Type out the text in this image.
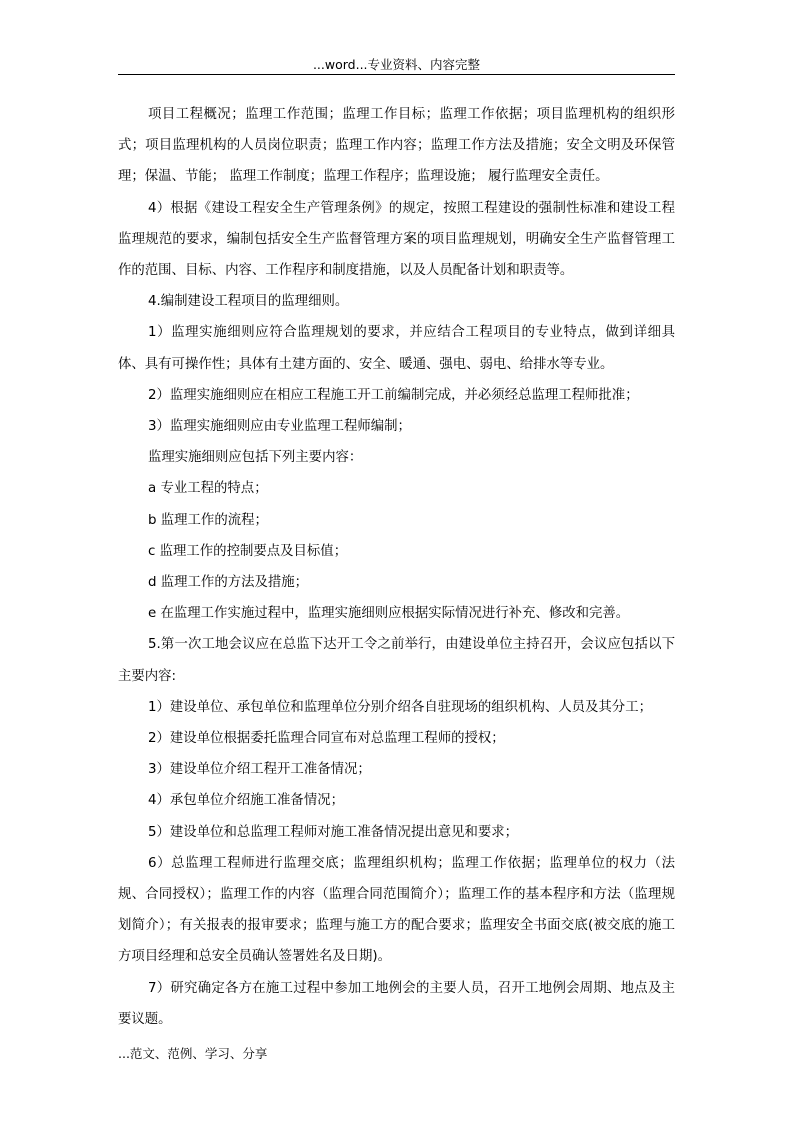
...word...专业资料、内容完整

项目工程概况；监理工作范围；监理工作目标；监理工作依据；项目监理机构的组织形式；项目监理机构的人员岗位职责；监理工作内容；监理工作方法及措施；安全文明及环保管理；保温、节能； 监理工作制度；监理工作程序；监理设施； 履行监理安全责任。

4）根据《建设工程安全生产管理条例》的规定，按照工程建设的强制性标准和建设工程监理规范的要求，编制包括安全生产监督管理方案的项目监理规划，明确安全生产监督管理工作的范围、目标、内容、工作程序和制度措施，以及人员配备计划和职责等。

4.编制建设工程项目的监理细则。

1）监理实施细则应符合监理规划的要求，并应结合工程项目的专业特点，做到详细具体、具有可操作性；具体有土建方面的、安全、暖通、强电、弱电、给排水等专业。

2）监理实施细则应在相应工程施工开工前编制完成，并必须经总监理工程师批准；

3）监理实施细则应由专业监理工程师编制；

监理实施细则应包括下列主要内容：

a 专业工程的特点；

b 监理工作的流程；

c 监理工作的控制要点及目标值；

d 监理工作的方法及措施；

e 在监理工作实施过程中，监理实施细则应根据实际情况进行补充、修改和完善。

5.第一次工地会议应在总监下达开工令之前举行，由建设单位主持召开，会议应包括以下主要内容:

1）建设单位、承包单位和监理单位分别介绍各自驻现场的组织机构、人员及其分工；

2）建设单位根据委托监理合同宣布对总监理工程师的授权；

3）建设单位介绍工程开工准备情况；

4）承包单位介绍施工准备情况；

5）建设单位和总监理工程师对施工准备情况提出意见和要求；

6）总监理工程师进行监理交底；监理组织机构；监理工作依据；监理单位的权力（法规、合同授权）；监理工作的内容（监理合同范围简介）；监理工作的基本程序和方法（监理规划简介）；有关报表的报审要求；监理与施工方的配合要求；监理安全书面交底(被交底的施工方项目经理和总安全员确认签署姓名及日期)。

7）研究确定各方在施工过程中参加工地例会的主要人员，召开工地例会周期、地点及主要议题。

...范文、范例、学习、分享
